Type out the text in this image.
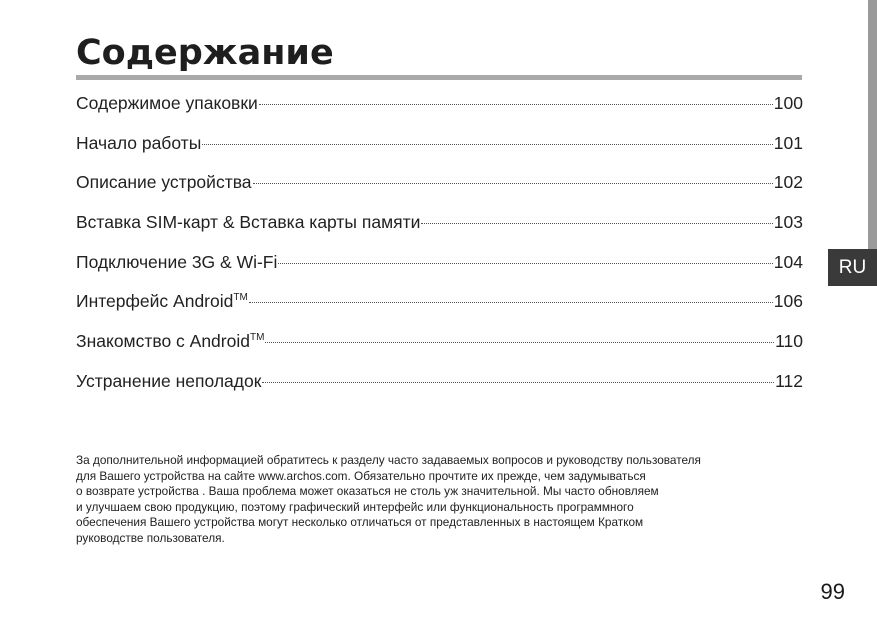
RU
Содержание
Содержимое упаковки	100
Начало работы	101
Описание устройства	102
Вставка SIM-карт & Вставка карты памяти	103
Подключение 3G & Wi-Fi	104
Интерфейс Android™	106
Знакомство с Android™	110
Устранение неполадок	112
За дополнительной информацией обратитесь к разделу часто задаваемых вопросов и руководству пользователя
для Вашего устройства на сайте www.archos.com. Обязательно прочтите их прежде, чем задумываться
о возврате устройства . Ваша проблема может оказаться не столь уж значительной. Мы часто обновляем
и улучшаем свою продукцию, поэтому графический интерфейс или функциональность программного
обеспечения Вашего устройства могут несколько отличаться от представленных в настоящем Кратком
руководстве пользователя.
99
